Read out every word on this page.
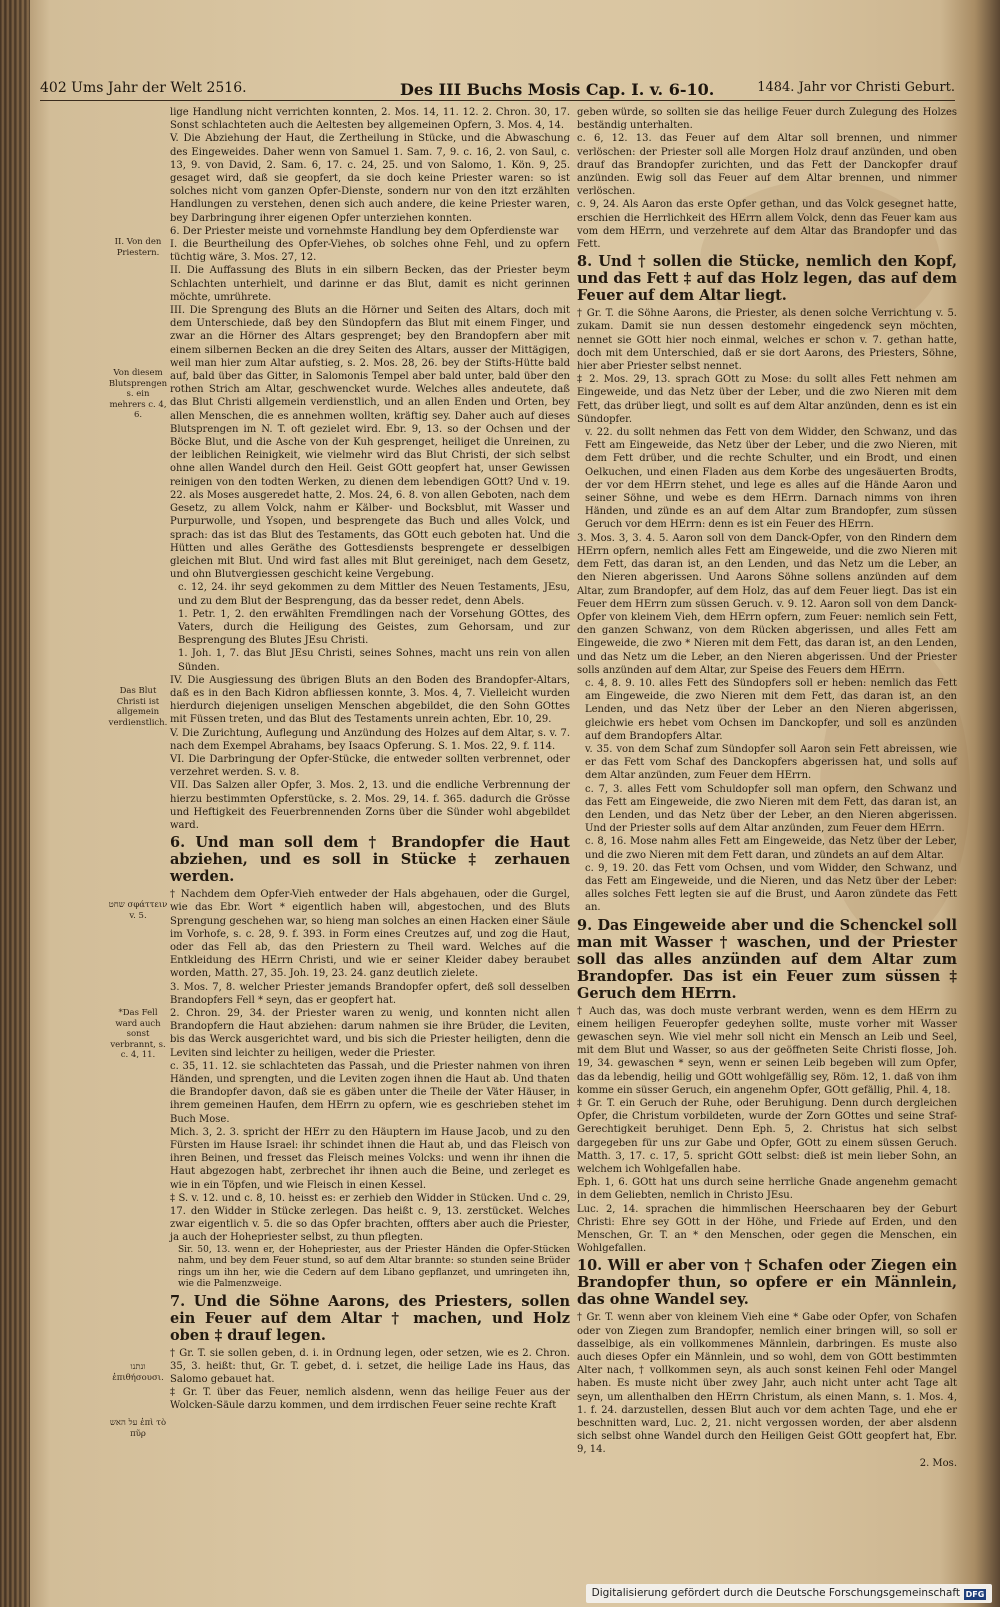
402 Ums Jahr der Welt 2516.	Des III Buchs Mosis Cap. I. v. 6-10.	1484. Jahr vor Christi Geburt.
II. Von den Priestern.
Von diesem Blutsprengen s. ein mehrers c. 4, 6.
Das Blut Christi ist allgemein verdienstlich.
שחט σφάττειν v. 5.
*Das Fell ward auch sonst verbrannt, s. c. 4, 11.
ונתנו ἐπιθήσουσι.
על האש ἐπὶ τὸ πῦρ

lige Handlung nicht verrichten konnten, 2. Mos. 14, 11. 12. 2. Chron. 30, 17. Sonst schlachteten auch die Aeltesten bey allgemeinen Opfern, 3. Mos. 4, 14.

V. Die Abziehung der Haut, die Zertheilung in Stücke, und die Abwaschung des Eingeweides. Daher wenn von Samuel 1. Sam. 7, 9. c. 16, 2. von Saul, c. 13, 9. von David, 2. Sam. 6, 17. c. 24, 25. und von Salomo, 1. Kön. 9, 25. gesaget wird, daß sie geopfert, da sie doch keine Priester waren: so ist solches nicht vom ganzen Opfer-Dienste, sondern nur von den itzt erzählten Handlungen zu verstehen, denen sich auch andere, die keine Priester waren, bey Darbringung ihrer eigenen Opfer unterziehen konnten.

6. Der Priester meiste und vornehmste Handlung bey dem Opferdienste war

I. die Beurtheilung des Opfer-Viehes, ob solches ohne Fehl, und zu opfern tüchtig wäre, 3. Mos. 27, 12.

II. Die Auffassung des Bluts in ein silbern Becken, das der Priester beym Schlachten unterhielt, und darinne er das Blut, damit es nicht gerinnen möchte, umrührete.

III. Die Sprengung des Bluts an die Hörner und Seiten des Altars, doch mit dem Unterschiede, daß bey den Sündopfern das Blut mit einem Finger, und zwar an die Hörner des Altars gesprenget; bey den Brandopfern aber mit einem silbernen Becken an die drey Seiten des Altars, ausser der Mittägigen, weil man hier zum Altar aufstieg, s. 2. Mos. 28, 26. bey der Stifts-Hütte bald auf, bald über das Gitter, in Salomonis Tempel aber bald unter, bald über den rothen Strich am Altar, geschwencket wurde. Welches alles andeutete, daß das Blut Christi allgemein verdienstlich, und an allen Enden und Orten, bey allen Menschen, die es annehmen wollten, kräftig sey. Daher auch auf dieses Blutsprengen im N. T. oft gezielet wird. Ebr. 9, 13. so der Ochsen und der Böcke Blut, und die Asche von der Kuh gesprenget, heiliget die Unreinen, zu der leiblichen Reinigkeit, wie vielmehr wird das Blut Christi, der sich selbst ohne allen Wandel durch den Heil. Geist GOtt geopfert hat, unser Gewissen reinigen von den todten Werken, zu dienen dem lebendigen GOtt? Und v. 19. 22. als Moses ausgeredet hatte, 2. Mos. 24, 6. 8. von allen Geboten, nach dem Gesetz, zu allem Volck, nahm er Kälber- und Bocksblut, mit Wasser und Purpurwolle, und Ysopen, und besprengete das Buch und alles Volck, und sprach: das ist das Blut des Testaments, das GOtt euch geboten hat. Und die Hütten und alles Geräthe des Gottesdiensts besprengete er desselbigen gleichen mit Blut. Und wird fast alles mit Blut gereiniget, nach dem Gesetz, und ohn Blutvergiessen geschicht keine Vergebung.

c. 12, 24. ihr seyd gekommen zu dem Mittler des Neuen Testaments, JEsu, und zu dem Blut der Besprengung, das da besser redet, denn Abels.

1. Petr. 1, 2. den erwählten Fremdlingen nach der Vorsehung GOttes, des Vaters, durch die Heiligung des Geistes, zum Gehorsam, und zur Besprengung des Blutes JEsu Christi.

1. Joh. 1, 7. das Blut JEsu Christi, seines Sohnes, macht uns rein von allen Sünden.

IV. Die Ausgiessung des übrigen Bluts an den Boden des Brandopfer-Altars, daß es in den Bach Kidron abfliessen konnte, 3. Mos. 4, 7. Vielleicht wurden hierdurch diejenigen unseligen Menschen abgebildet, die den Sohn GOttes mit Füssen treten, und das Blut des Testaments unrein achten, Ebr. 10, 29.

V. Die Zurichtung, Auflegung und Anzündung des Holzes auf dem Altar, s. v. 7. nach dem Exempel Abrahams, bey Isaacs Opferung. S. 1. Mos. 22, 9. f. 114.

VI. Die Darbringung der Opfer-Stücke, die entweder sollten verbrennet, oder verzehret werden. S. v. 8.

VII. Das Salzen aller Opfer, 3. Mos. 2, 13. und die endliche Verbrennung der hierzu bestimmten Opferstücke, s. 2. Mos. 29, 14. f. 365. dadurch die Grösse und Heftigkeit des Feuerbrennenden Zorns über die Sünder wohl abgebildet ward.

6. Und man soll dem † Brandopfer die Haut abziehen, und es soll in Stücke ‡ zerhauen werden.

† Nachdem dem Opfer-Vieh entweder der Hals abgehauen, oder die Gurgel, wie das Ebr. Wort * eigentlich haben will, abgestochen, und des Bluts Sprengung geschehen war, so hieng man solches an einen Hacken einer Säule im Vorhofe, s. c. 28, 9. f. 393. in Form eines Creutzes auf, und zog die Haut, oder das Fell ab, das den Priestern zu Theil ward. Welches auf die Entkleidung des HErrn Christi, und wie er seiner Kleider dabey beraubet worden, Matth. 27, 35. Joh. 19, 23. 24. ganz deutlich zielete.

3. Mos. 7, 8. welcher Priester jemands Brandopfer opfert, deß soll desselben Brandopfers Fell * seyn, das er geopfert hat.

2. Chron. 29, 34. der Priester waren zu wenig, und konnten nicht allen Brandopfern die Haut abziehen: darum nahmen sie ihre Brüder, die Leviten, bis das Werck ausgerichtet ward, und bis sich die Priester heiligten, denn die Leviten sind leichter zu heiligen, weder die Priester.

c. 35, 11. 12. sie schlachteten das Passah, und die Priester nahmen von ihren Händen, und sprengten, und die Leviten zogen ihnen die Haut ab. Und thaten die Brandopfer davon, daß sie es gäben unter die Theile der Väter Häuser, in ihrem gemeinen Haufen, dem HErrn zu opfern, wie es geschrieben stehet im Buch Mose.

Mich. 3, 2. 3. spricht der HErr zu den Häuptern im Hause Jacob, und zu den Fürsten im Hause Israel: ihr schindet ihnen die Haut ab, und das Fleisch von ihren Beinen, und fresset das Fleisch meines Volcks: und wenn ihr ihnen die Haut abgezogen habt, zerbrechet ihr ihnen auch die Beine, und zerleget es wie in ein Töpfen, und wie Fleisch in einen Kessel.

‡ S. v. 12. und c. 8, 10. heisst es: er zerhieb den Widder in Stücken. Und c. 29, 17. den Widder in Stücke zerlegen. Das heißt c. 9, 13. zerstücket. Welches zwar eigentlich v. 5. die so das Opfer brachten, offters aber auch die Priester, ja auch der Hohepriester selbst, zu thun pflegten.

Sir. 50, 13. wenn er, der Hohepriester, aus der Priester Händen die Opfer-Stücken nahm, und bey dem Feuer stund, so auf dem Altar brannte: so stunden seine Brüder rings um ihn her, wie die Cedern auf dem Libano gepflanzet, und umringeten ihn, wie die Palmenzweige.

7. Und die Söhne Aarons, des Priesters, sollen ein Feuer auf dem Altar † machen, und Holz oben ‡ drauf legen.

† Gr. T. sie sollen geben, d. i. in Ordnung legen, oder setzen, wie es 2. Chron. 35, 3. heißt: thut, Gr. T. gebet, d. i. setzet, die heilige Lade ins Haus, das Salomo gebauet hat.

‡ Gr. T. über das Feuer, nemlich alsdenn, wenn das heilige Feuer aus der Wolcken-Säule darzu kommen, und dem irrdischen Feuer seine rechte Kraft

geben würde, so sollten sie das heilige Feuer durch Zulegung des Holzes beständig unterhalten.

c. 6, 12. 13. das Feuer auf dem Altar soll brennen, und nimmer verlöschen: der Priester soll alle Morgen Holz drauf anzünden, und oben drauf das Brandopfer zurichten, und das Fett der Danckopfer drauf anzünden. Ewig soll das Feuer auf dem Altar brennen, und nimmer verlöschen.

c. 9, 24. Als Aaron das erste Opfer gethan, und das Volck gesegnet hatte, erschien die Herrlichkeit des HErrn allem Volck, denn das Feuer kam aus vom dem HErrn, und verzehrete auf dem Altar das Brandopfer und das Fett.

8. Und † sollen die Stücke, nemlich den Kopf, und das Fett ‡ auf das Holz legen, das auf dem Feuer auf dem Altar liegt.

† Gr. T. die Söhne Aarons, die Priester, als denen solche Verrichtung v. 5. zukam. Damit sie nun dessen destomehr eingedenck seyn möchten, nennet sie GOtt hier noch einmal, welches er schon v. 7. gethan hatte, doch mit dem Unterschied, daß er sie dort Aarons, des Priesters, Söhne, hier aber Priester selbst nennet.

‡ 2. Mos. 29, 13. sprach GOtt zu Mose: du sollt alles Fett nehmen am Eingeweide, und das Netz über der Leber, und die zwo Nieren mit dem Fett, das drüber liegt, und sollt es auf dem Altar anzünden, denn es ist ein Sündopfer.

v. 22. du sollt nehmen das Fett von dem Widder, den Schwanz, und das Fett am Eingeweide, das Netz über der Leber, und die zwo Nieren, mit dem Fett drüber, und die rechte Schulter, und ein Brodt, und einen Oelkuchen, und einen Fladen aus dem Korbe des ungesäuerten Brodts, der vor dem HErrn stehet, und lege es alles auf die Hände Aaron und seiner Söhne, und webe es dem HErrn. Darnach nimms von ihren Händen, und zünde es an auf dem Altar zum Brandopfer, zum süssen Geruch vor dem HErrn: denn es ist ein Feuer des HErrn.

3. Mos. 3, 3. 4. 5. Aaron soll von dem Danck-Opfer, von den Rindern dem HErrn opfern, nemlich alles Fett am Eingeweide, und die zwo Nieren mit dem Fett, das daran ist, an den Lenden, und das Netz um die Leber, an den Nieren abgerissen. Und Aarons Söhne sollens anzünden auf dem Altar, zum Brandopfer, auf dem Holz, das auf dem Feuer liegt. Das ist ein Feuer dem HErrn zum süssen Geruch. v. 9. 12. Aaron soll von dem Danck-Opfer von kleinem Vieh, dem HErrn opfern, zum Feuer: nemlich sein Fett, den ganzen Schwanz, von dem Rücken abgerissen, und alles Fett am Eingeweide, die zwo * Nieren mit dem Fett, das daran ist, an den Lenden, und das Netz um die Leber, an den Nieren abgerissen. Und der Priester solls anzünden auf dem Altar, zur Speise des Feuers dem HErrn.

c. 4, 8. 9. 10. alles Fett des Sündopfers soll er heben: nemlich das Fett am Eingeweide, die zwo Nieren mit dem Fett, das daran ist, an den Lenden, und das Netz über der Leber an den Nieren abgerissen, gleichwie ers hebet vom Ochsen im Danckopfer, und soll es anzünden auf dem Brandopfers Altar.

v. 35. von dem Schaf zum Sündopfer soll Aaron sein Fett abreissen, wie er das Fett vom Schaf des Danckopfers abgerissen hat, und solls auf dem Altar anzünden, zum Feuer dem HErrn.

c. 7, 3. alles Fett vom Schuldopfer soll man opfern, den Schwanz und das Fett am Eingeweide, die zwo Nieren mit dem Fett, das daran ist, an den Lenden, und das Netz über der Leber, an den Nieren abgerissen. Und der Priester solls auf dem Altar anzünden, zum Feuer dem HErrn.

c. 8, 16. Mose nahm alles Fett am Eingeweide, das Netz über der Leber, und die zwo Nieren mit dem Fett daran, und zündets an auf dem Altar.

c. 9, 19. 20. das Fett vom Ochsen, und vom Widder, den Schwanz, und das Fett am Eingeweide, und die Nieren, und das Netz über der Leber: alles solches Fett legten sie auf die Brust, und Aaron zündete das Fett an.

9. Das Eingeweide aber und die Schenckel soll man mit Wasser † waschen, und der Priester soll das alles anzünden auf dem Altar zum Brandopfer. Das ist ein Feuer zum süssen ‡ Geruch dem HErrn.

† Auch das, was doch muste verbrant werden, wenn es dem HErrn zu einem heiligen Feueropfer gedeyhen sollte, muste vorher mit Wasser gewaschen seyn. Wie viel mehr soll nicht ein Mensch an Leib und Seel, mit dem Blut und Wasser, so aus der geöffneten Seite Christi flosse, Joh. 19, 34. gewaschen * seyn, wenn er seinen Leib begeben will zum Opfer, das da lebendig, heilig und GOtt wohlgefällig sey, Röm. 12, 1. daß von ihm komme ein süsser Geruch, ein angenehm Opfer, GOtt gefällig, Phil. 4, 18.

‡ Gr. T. ein Geruch der Ruhe, oder Beruhigung. Denn durch dergleichen Opfer, die Christum vorbildeten, wurde der Zorn GOttes und seine Straf-Gerechtigkeit beruhiget. Denn Eph. 5, 2. Christus hat sich selbst dargegeben für uns zur Gabe und Opfer, GOtt zu einem süssen Geruch. Matth. 3, 17. c. 17, 5. spricht GOtt selbst: dieß ist mein lieber Sohn, an welchem ich Wohlgefallen habe.

Eph. 1, 6. GOtt hat uns durch seine herrliche Gnade angenehm gemacht in dem Geliebten, nemlich in Christo JEsu.

Luc. 2, 14. sprachen die himmlischen Heerschaaren bey der Geburt Christi: Ehre sey GOtt in der Höhe, und Friede auf Erden, und den Menschen, Gr. T. an * den Menschen, oder gegen die Menschen, ein Wohlgefallen.

10. Will er aber von † Schafen oder Ziegen ein Brandopfer thun, so opfere er ein Männlein, das ohne Wandel sey.

† Gr. T. wenn aber von kleinem Vieh eine * Gabe oder Opfer, von Schafen oder von Ziegen zum Brandopfer, nemlich einer bringen will, so soll er dasselbige, als ein vollkommenes Männlein, darbringen. Es muste also auch dieses Opfer ein Männlein, und so wohl, dem von GOtt bestimmten Alter nach, † vollkommen seyn, als auch sonst keinen Fehl oder Mangel haben. Es muste nicht über zwey Jahr, auch nicht unter acht Tage alt seyn, um allenthalben den HErrn Christum, als einen Mann, s. 1. Mos. 4, 1. f. 24. darzustellen, dessen Blut auch vor dem achten Tage, und ehe er beschnitten ward, Luc. 2, 21. nicht vergossen worden, der aber alsdenn sich selbst ohne Wandel durch den Heiligen Geist GOtt geopfert hat, Ebr. 9, 14.

2. Mos.

Digitalisierung gefördert durch die Deutsche Forschungsgemeinschaft DFG
